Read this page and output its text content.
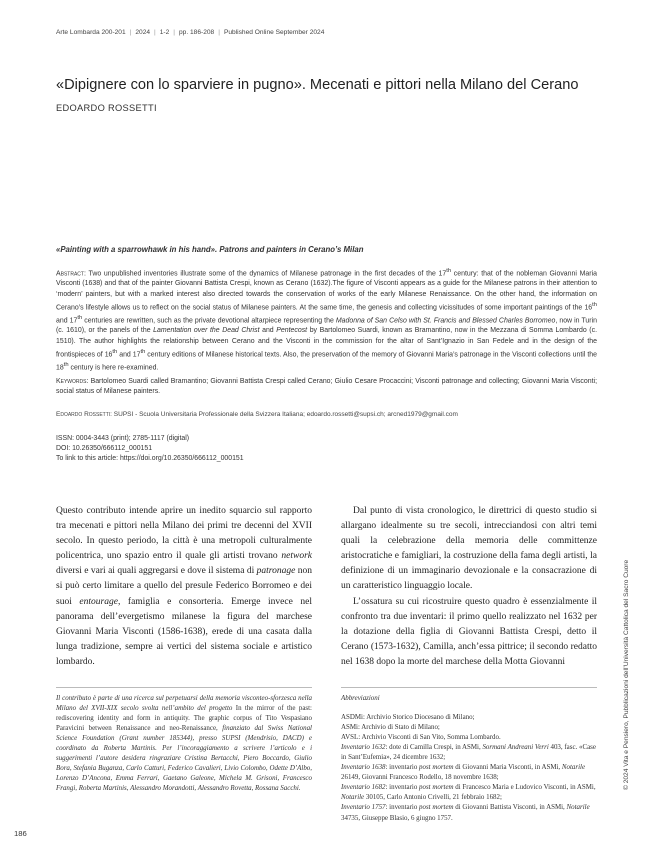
Arte Lombarda 200-201 | 2024 | 1-2 | pp. 186-208 | Published Online September 2024
«Dipignere con lo sparviere in pugno». Mecenati e pittori nella Milano del Cerano
EDOARDO ROSSETTI
«Painting with a sparrowhawk in his hand». Patrons and painters in Cerano’s Milan
Abstract: Two unpublished inventories illustrate some of the dynamics of Milanese patronage in the first decades of the 17th century: that of the nobleman Giovanni Maria Visconti (1638) and that of the painter Giovanni Battista Crespi, known as Cerano (1632).The figure of Visconti appears as a guide for the Milanese patrons in their attention to ‘modern’ painters, but with a marked interest also directed towards the conservation of works of the early Milanese Renaissance. On the other hand, the information on Cerano’s lifestyle allows us to reflect on the social status of Milanese painters. At the same time, the genesis and collecting vicissitudes of some important paintings of the 16th and 17th centuries are rewritten, such as the private devotional altarpiece representing the Madonna of San Celso with St. Francis and Blessed Charles Borromeo, now in Turin (c. 1610), or the panels of the Lamentation over the Dead Christ and Pentecost by Bartolomeo Suardi, known as Bramantino, now in the Mezzana di Somma Lombardo (c. 1510). The author highlights the relationship between Cerano and the Visconti in the commission for the altar of Sant’Ignazio in San Fedele and in the design of the frontispieces of 16th and 17th century editions of Milanese historical texts. Also, the preservation of the memory of Giovanni Maria’s patronage in the Visconti collections until the 18th century is here re-examined.
Keywords: Bartolomeo Suardi called Bramantino; Giovanni Battista Crespi called Cerano; Giulio Cesare Procaccini; Visconti patronage and collecting; Giovanni Maria Visconti; social status of Milanese painters.
Edoardo Rossetti: SUPSI - Scuola Universitaria Professionale della Svizzera Italiana; edoardo.rossetti@supsi.ch; arcned1979@gmail.com
ISSN: 0004-3443 (print); 2785-1117 (digital)
DOI: 10.26350/666112_000151
To link to this article: https://doi.org/10.26350/666112_000151

Questo contributo intende aprire un inedito squarcio sul rapporto tra mecenati e pittori nella Milano dei primi tre decenni del XVII secolo. In questo periodo, la città è una metropoli culturalmente policentrica, uno spazio entro il quale gli artisti trovano network diversi e vari ai quali aggregarsi e dove il sistema di patronage non si può certo limitare a quello del presule Federico Borromeo e dei suoi entourage, famiglia e consorteria. Emerge invece nel panorama dell’evergetismo milanese la figura del marchese Giovanni Maria Visconti (1586-1638), erede di una casata dalla lunga tradizione, sempre ai vertici del sistema sociale e artistico lombardo.

Dal punto di vista cronologico, le direttrici di questo studio si allargano idealmente su tre secoli, intrecciandosi con altri temi quali la celebrazione della memoria delle committenze aristocratiche e famigliari, la costruzione della fama degli artisti, la definizione di un immaginario devozionale e la consacrazione di un caratteristico linguaggio locale.

L’ossatura su cui ricostruire questo quadro è essenzialmente il confronto tra due inventari: il primo quello realizzato nel 1632 per la dotazione della figlia di Giovanni Battista Crespi, detto il Cerano (1573-1632), Camilla, anch’essa pittrice; il secondo redatto nel 1638 dopo la morte del marchese della Motta Giovanni

Il contributo è parte di una ricerca sul perpetuarsi della memoria visconteo-sforzesca nella Milano del XVII-XIX secolo svolta nell’ambito del progetto In the mirror of the past: rediscovering identity and form in antiquity. The graphic corpus of Tito Vespasiano Paravicini between Renaissance and neo-Renaissance, finanziato dal Swiss National Science Foundation (Grant number 185344), presso SUPSI (Mendrisio, DACD) e coordinato da Roberta Martinis. Per l’incoraggiamento a scrivere l’articolo e i suggerimenti l’autore desidera ringraziare Cristina Bertacchi, Piero Boccardo, Giulio Bora, Stefania Buganza, Carlo Catturi, Federico Cavalieri, Livio Colombo, Odette D’Albo, Lorenzo D’Ancona, Emma Ferrari, Gaetano Galeone, Michela M. Grisoni, Francesco Frangi, Roberta Martinis, Alessandro Morandotti, Alessandro Rovetta, Rossana Sacchi.
Abbreviazioni
ASDMi: Archivio Storico Diocesano di Milano;
ASMi: Archivio di Stato di Milano;
AVSL: Archivio Visconti di San Vito, Somma Lombardo.
Inventario 1632: dote di Camilla Crespi, in ASMi, Sormani Andreani Verri 403, fasc. «Case in Sant’Eufemia», 24 dicembre 1632;
Inventario 1638: inventario post mortem di Giovanni Maria Visconti, in ASMi, Notarile 26149, Giovanni Francesco Rodello, 18 novembre 1638;
Inventario 1682: inventario post mortem di Francesco Maria e Ludovico Visconti, in ASMi, Notarile 30105, Carlo Antonio Crivelli, 21 febbraio 1682;
Inventario 1757: inventario post mortem di Giovanni Battista Visconti, in ASMi, Notarile 34735, Giuseppe Blasio, 6 giugno 1757.
186
© 2024 Vita e Pensiero, Pubblicazioni dell’Università Cattolica del Sacro Cuore
